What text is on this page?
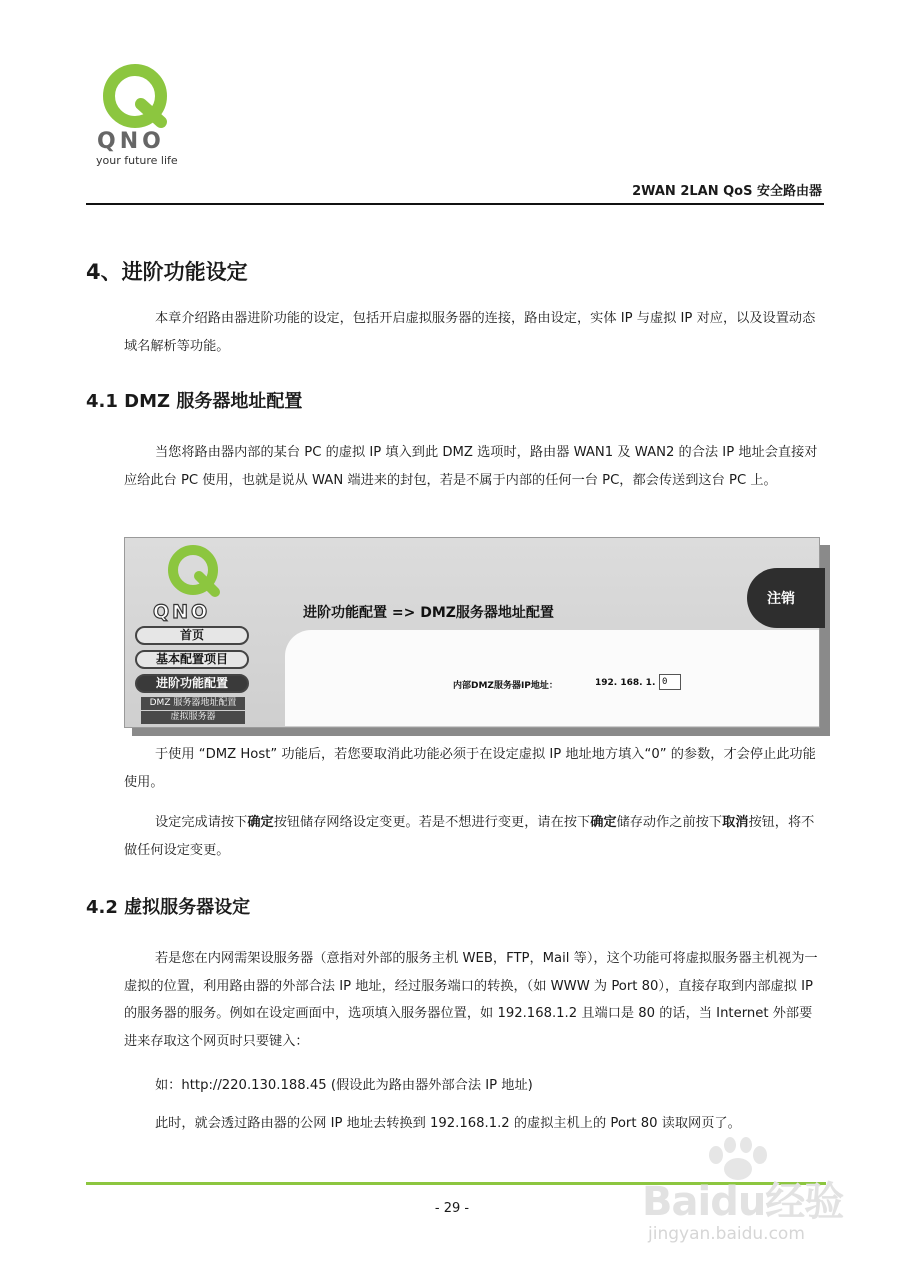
QNO
your future life
2WAN 2LAN QoS 安全路由器
4、进阶功能设定

本章介绍路由器进阶功能的设定，包括开启虚拟服务器的连接，路由设定，实体 IP 与虚拟 IP 对应，以及设置动态域名解析等功能。

4.1 DMZ 服务器地址配置

当您将路由器内部的某台 PC 的虚拟 IP 填入到此 DMZ 选项时，路由器 WAN1 及 WAN2 的合法 IP 地址会直接对应给此台 PC 使用，也就是说从 WAN 端进来的封包，若是不属于内部的任何一台 PC，都会传送到这台 PC 上。

QNO	进阶功能配置 => DMZ服务器地址配置
注销
首页
基本配置项目
进阶功能配置
DMZ 服务器地址配置
虚拟服务器
内部DMZ服务器IP地址：	192. 168. 1.
0

于使用 “DMZ Host” 功能后，若您要取消此功能必须于在设定虚拟 IP 地址地方填入“0” 的参数，才会停止此功能使用。

设定完成请按下确定按钮储存网络设定变更。若是不想进行变更，请在按下确定储存动作之前按下取消按钮，将不做任何设定变更。

4.2 虚拟服务器设定

若是您在内网需架设服务器（意指对外部的服务主机 WEB，FTP，Mail 等），这个功能可将虚拟服务器主机视为一虚拟的位置，利用路由器的外部合法 IP 地址，经过服务端口的转换，（如 WWW 为 Port 80），直接存取到内部虚拟 IP 的服务器的服务。例如在设定画面中，选项填入服务器位置，如 192.168.1.2 且端口是 80 的话，当 Internet 外部要进来存取这个网页时只要键入：

如：http://220.130.188.45 (假设此为路由器外部合法 IP 地址)
此时，就会透过路由器的公网 IP 地址去转换到 192.168.1.2 的虚拟主机上的 Port 80 读取网页了。
Baidu经验
- 29 -
jingyan.baidu.com
